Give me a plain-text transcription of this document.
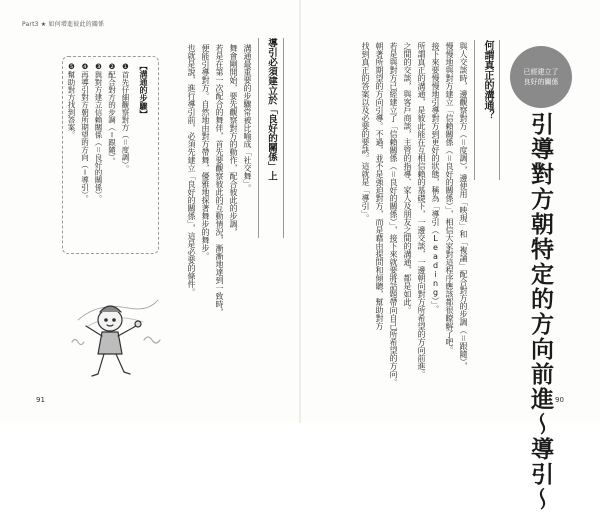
Part3 ★ 如何增進彼此的關係
91	90
已經建立了
良好的關係
引導對方朝特定的方向前進～導引～
何謂真正的溝通？
與人交談時，邊觀察對方（＝度調），邊使用「映現」和「複誦」配合對方的步調（＝跟隨），
慢慢地與對方建立「信賴關係（＝良好的關係）」，相信大家對這程序應該都很瞭解了吧。
接下來要慢慢地引導對方到更好的狀態，稱為「導引（Leading）」。
所謂真正的溝通，是彼此能在互相信賴的基礎下，一邊交談，一邊朝向對方所希望的方向前進。
之間的交談，與客戶商談，主管的指導、家人及朋友之間的溝通，都是如此。
若是與對方已經建立了「信賴關係（＝良好的關係）」，接下來就要將話題帶向自己所希望的方向。
朝著所期望的方向引導。不過，並不是強迫對方，而是藉由提問和傾聽，幫助對方
找到真正的答案以及必要的要訣。這就是「導引」。
導引必須建立於「良好的關係」上
溝通最重要的步驟常被比喻成「社交舞」。
舞會剛開始，要先觀察對方的動作，配合彼此的步調，
若是在第一次配合的舞伴，首先要觀察彼此的互動情況，漸漸地達到一致時，
便能引導對方。自然地由對方帶舞，優雅地探著舞步的舞步。
也就是說，進行導引前，必須先建立「良好的關係」，這是必要的條件。
【溝通的步驟】
❶首先仔細觀察對方（＝度調）。
❷配合對方的步調（＝跟隨）。
❸與對方建立信賴關係（＝良好的關係）。
❹再導引對方朝所期望的方向（＝導引）。
❺幫助對方找到答案。
